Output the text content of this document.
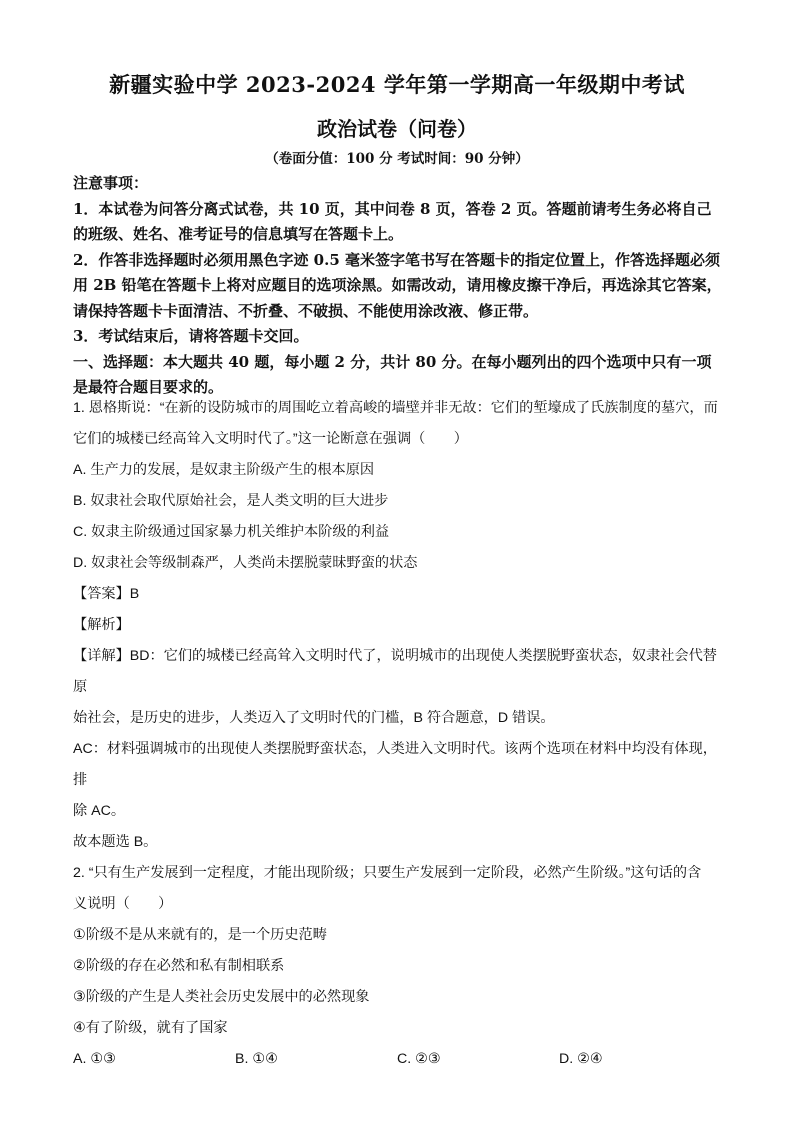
新疆实验中学 2023-2024 学年第一学期高一年级期中考试
政治试卷（问卷）
（卷面分值：100 分 考试时间：90 分钟）

注意事项：

1．本试卷为问答分离式试卷，共 10 页，其中问卷 8 页，答卷 2 页。答题前请考生务必将自己的班级、姓名、准考证号的信息填写在答题卡上。

2．作答非选择题时必须用黑色字迹 0.5 毫米签字笔书写在答题卡的指定位置上，作答选择题必须用 2B 铅笔在答题卡上将对应题目的选项涂黑。如需改动，请用橡皮擦干净后，再选涂其它答案，请保持答题卡卡面清洁、不折叠、不破损、不能使用涂改液、修正带。

3．考试结束后，请将答题卡交回。

一、选择题：本大题共 40 题，每小题 2 分，共计 80 分。在每小题列出的四个选项中只有一项是最符合题目要求的。

1. 恩格斯说：“在新的设防城市的周围屹立着高峻的墙壁并非无故：它们的堑壕成了氏族制度的墓穴，而

它们的城楼已经高耸入文明时代了。”这一论断意在强调（　　）

A. 生产力的发展，是奴隶主阶级产生的根本原因

B. 奴隶社会取代原始社会，是人类文明的巨大进步

C. 奴隶主阶级通过国家暴力机关维护本阶级的利益

D. 奴隶社会等级制森严，人类尚未摆脱蒙昧野蛮的状态

【答案】B

【解析】

【详解】BD：它们的城楼已经高耸入文明时代了，说明城市的出现使人类摆脱野蛮状态，奴隶社会代替原

始社会，是历史的进步，人类迈入了文明时代的门槛，B 符合题意，D 错误。

AC：材料强调城市的出现使人类摆脱野蛮状态，人类进入文明时代。该两个选项在材料中均没有体现，排

除 AC。

故本题选 B。

2. “只有生产发展到一定程度，才能出现阶级；只要生产发展到一定阶段，必然产生阶级。”这句话的含

义说明（　　）

①阶级不是从来就有的，是一个历史范畴

②阶级的存在必然和私有制相联系

③阶级的产生是人类社会历史发展中的必然现象

④有了阶级，就有了国家

A. ①③	B. ①④	C. ②③	D. ②④
